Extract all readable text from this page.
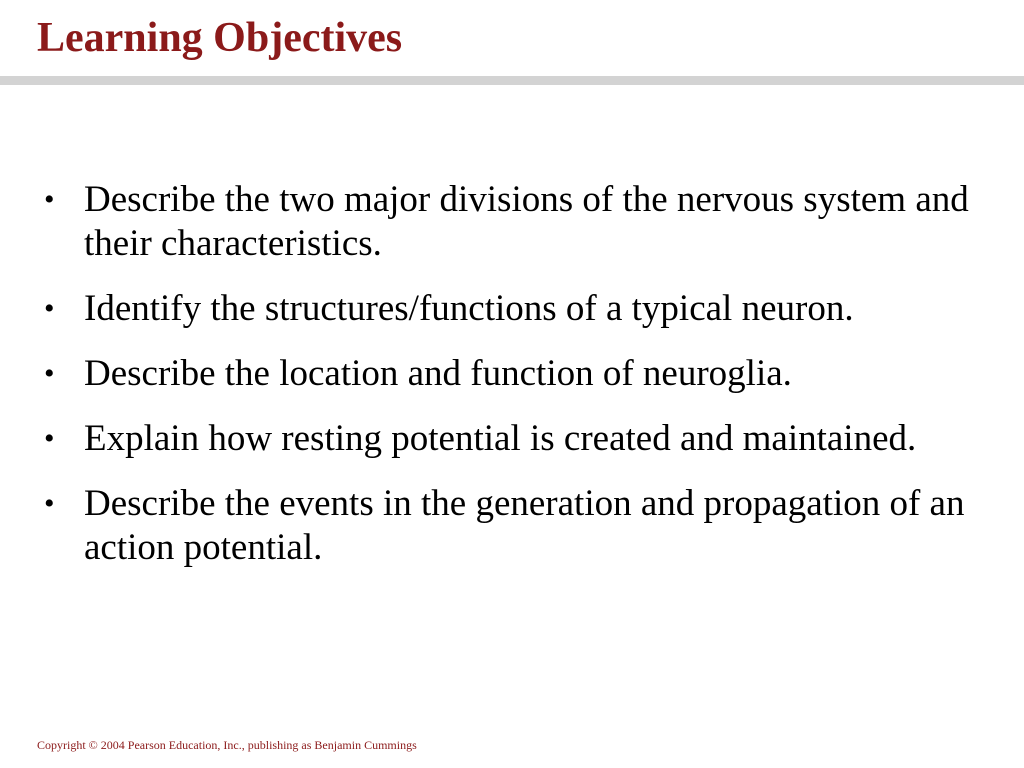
Learning Objectives
• Describe the two major divisions of the nervous system and their characteristics.
• Identify the structures/functions of a typical neuron.
• Describe the location and function of neuroglia.
• Explain how resting potential is created and maintained.
• Describe the events in the generation and propagation of an action potential.
Copyright © 2004 Pearson Education, Inc., publishing as Benjamin Cummings
